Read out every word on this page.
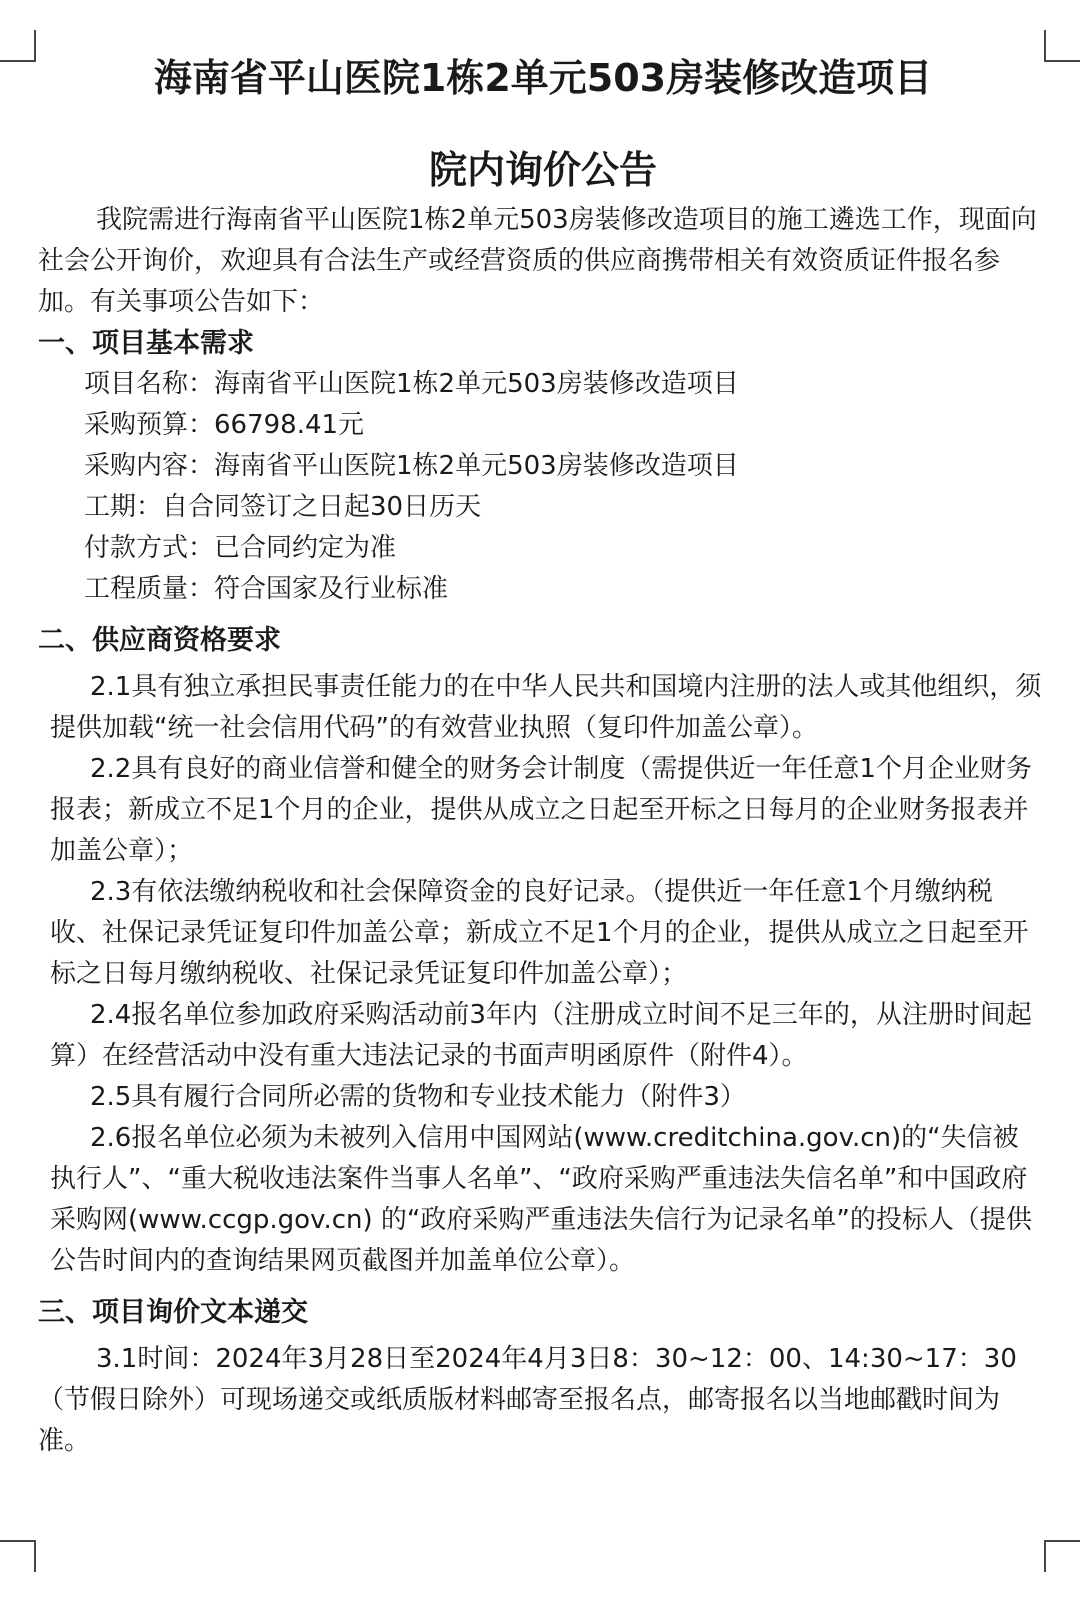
海南省平山医院1栋2单元503房装修改造项目
院内询价公告

我院需进行海南省平山医院1栋2单元503房装修改造项目的施工遴选工作，现面向社会公开询价，欢迎具有合法生产或经营资质的供应商携带相关有效资质证件报名参加。有关事项公告如下：

一、项目基本需求

项目名称：海南省平山医院1栋2单元503房装修改造项目

采购预算：66798.41元

采购内容：海南省平山医院1栋2单元503房装修改造项目

工期：自合同签订之日起30日历天

付款方式：已合同约定为准

工程质量：符合国家及行业标准

二、供应商资格要求

2.1具有独立承担民事责任能力的在中华人民共和国境内注册的法人或其他组织，须提供加载“统一社会信用代码”的有效营业执照（复印件加盖公章）。

2.2具有良好的商业信誉和健全的财务会计制度（需提供近一年任意1个月企业财务报表；新成立不足1个月的企业，提供从成立之日起至开标之日每月的企业财务报表并加盖公章）；

2.3有依法缴纳税收和社会保障资金的良好记录。（提供近一年任意1个月缴纳税收、社保记录凭证复印件加盖公章；新成立不足1个月的企业，提供从成立之日起至开标之日每月缴纳税收、社保记录凭证复印件加盖公章）；

2.4报名单位参加政府采购活动前3年内（注册成立时间不足三年的，从注册时间起算）在经营活动中没有重大违法记录的书面声明函原件（附件4）。

2.5具有履行合同所必需的货物和专业技术能力（附件3）

2.6报名单位必须为未被列入信用中国网站(www.creditchina.gov.cn)的“失信被执行人”、“重大税收违法案件当事人名单”、“政府采购严重违法失信名单”和中国政府采购网(www.ccgp.gov.cn) 的“政府采购严重违法失信行为记录名单”的投标人（提供公告时间内的查询结果网页截图并加盖单位公章）。

三、项目询价文本递交

3.1时间：2024年3月28日至2024年4月3日8：30~12：00、14:30~17：30（节假日除外）可现场递交或纸质版材料邮寄至报名点，邮寄报名以当地邮戳时间为准。
